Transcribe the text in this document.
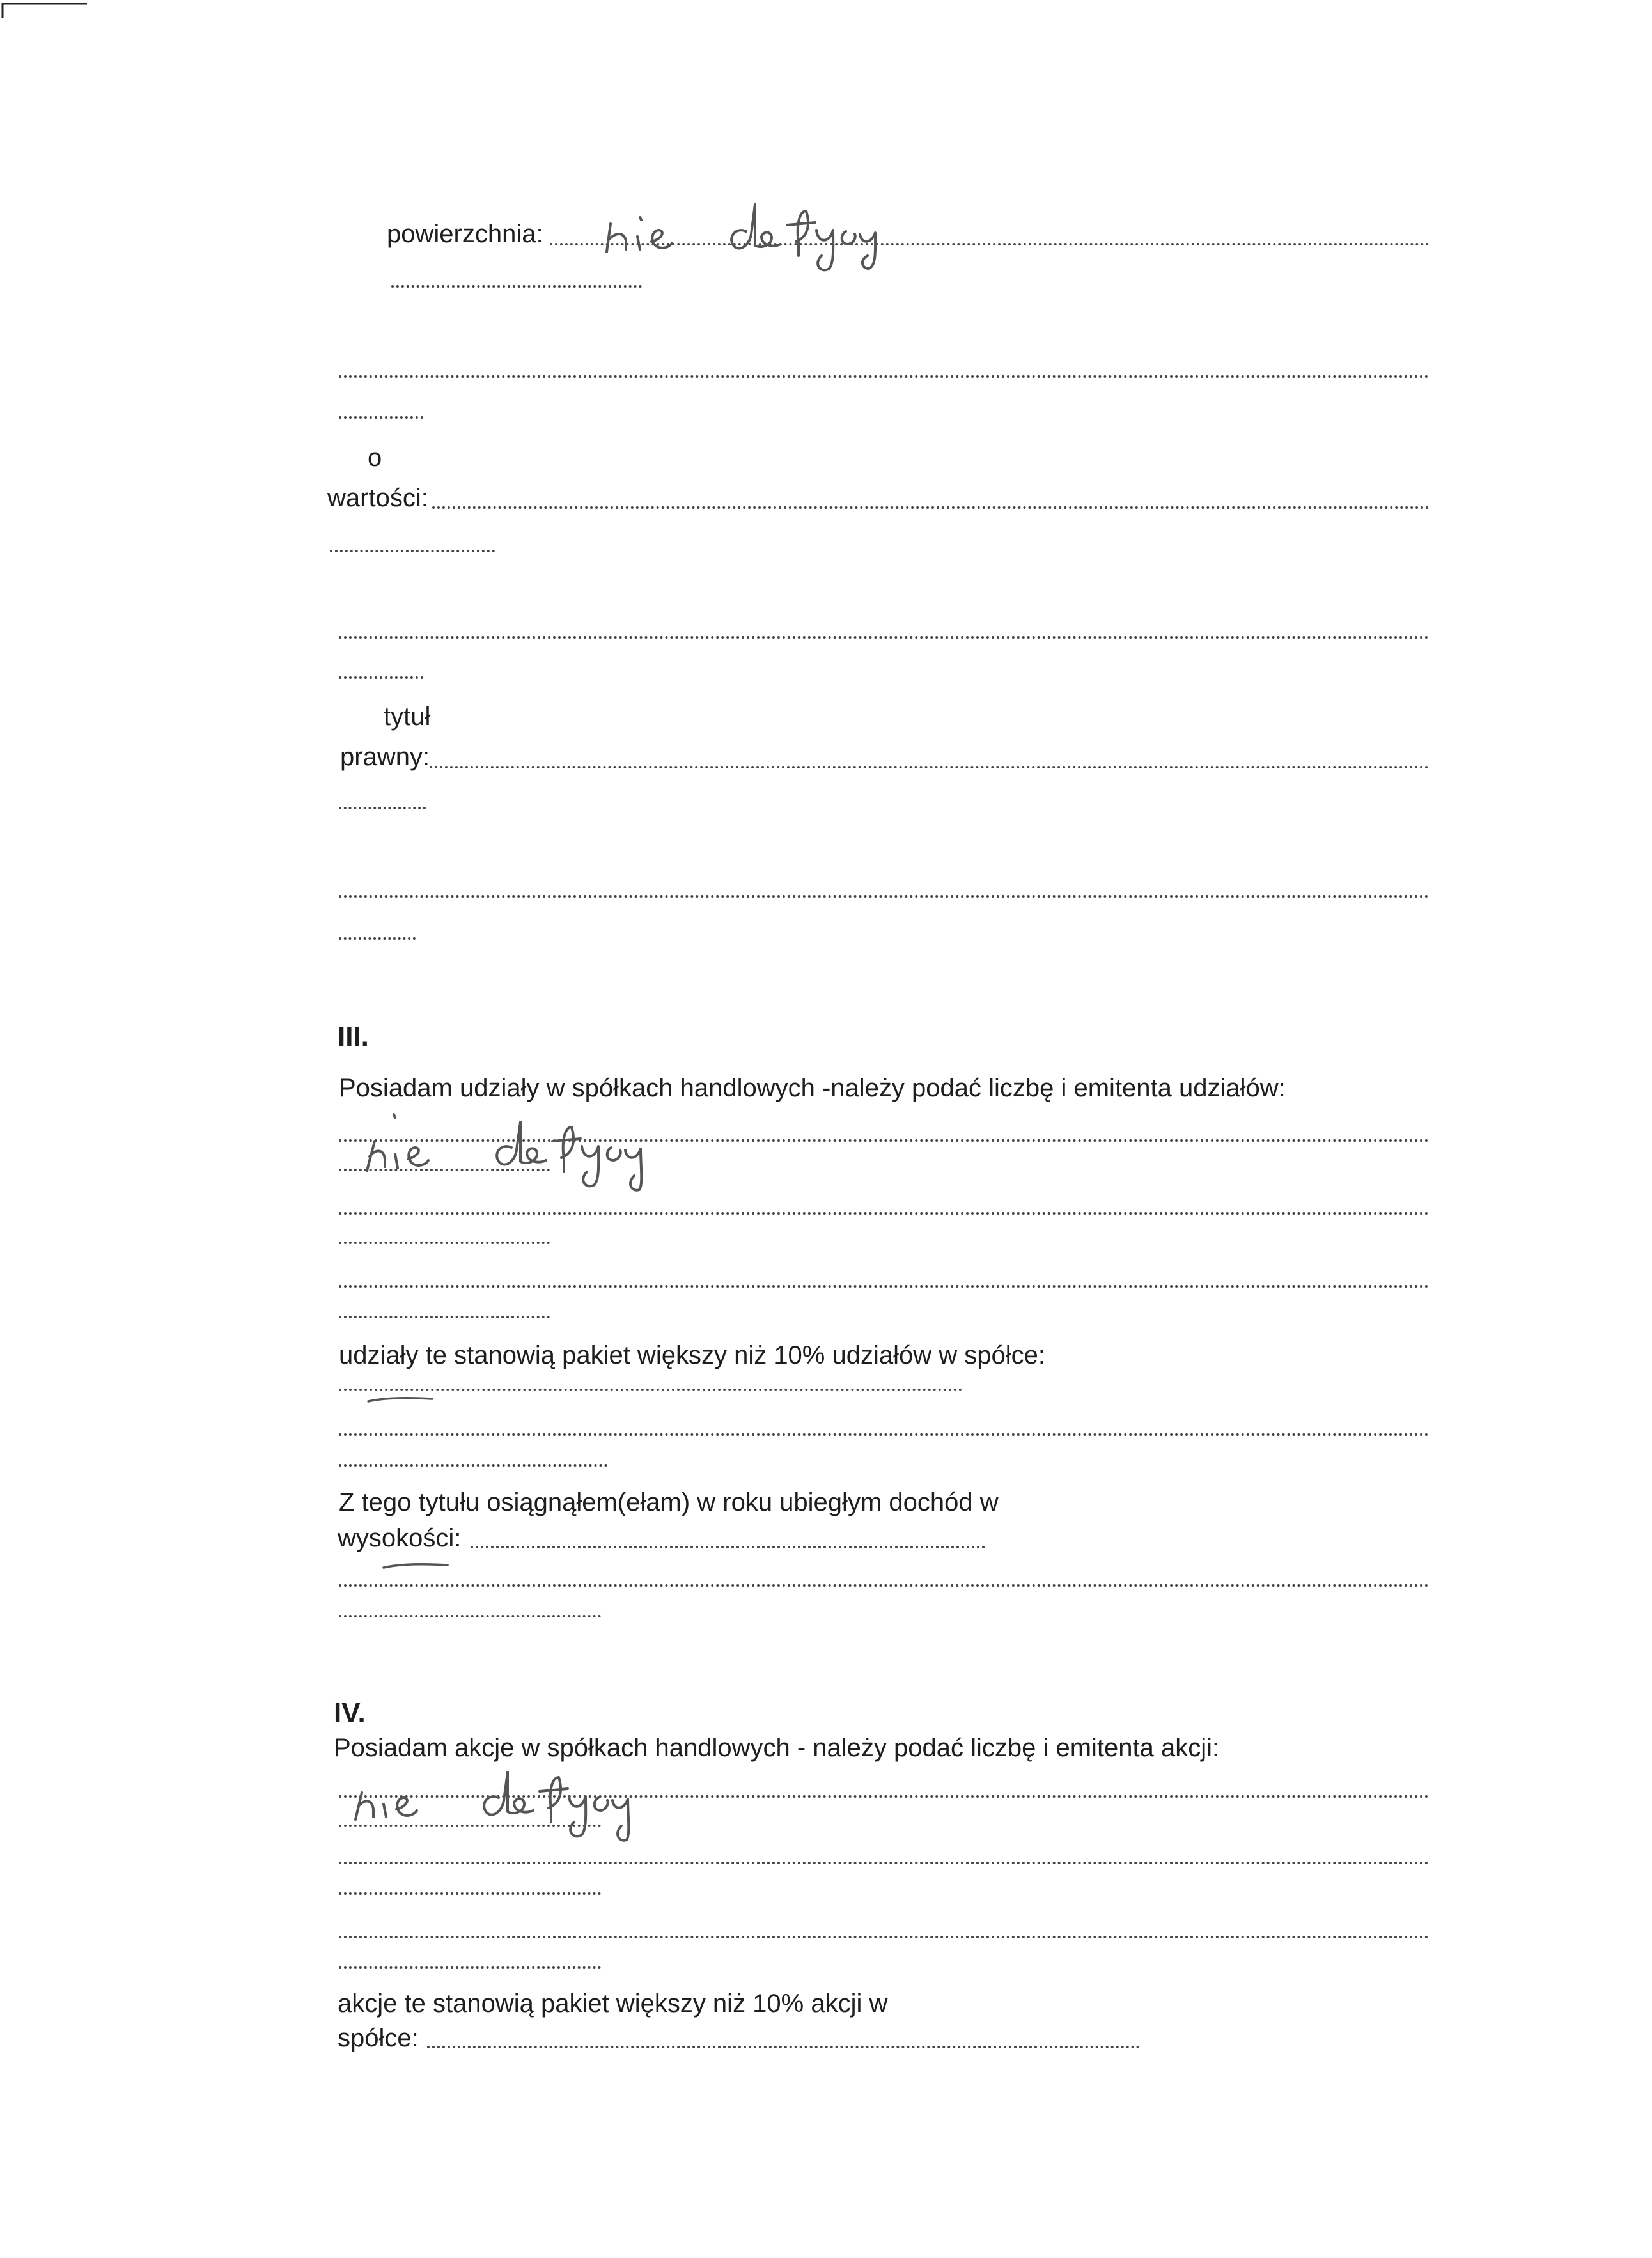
powierzchnia:
o
wartości:
tytuł
prawny:
III.
Posiadam udziały w spółkach handlowych -należy podać liczbę i emitenta udziałów:
udziały te stanowią pakiet większy niż 10% udziałów w spółce:
Z tego tytułu osiągnąłem(ełam) w roku ubiegłym dochód w
wysokości:
IV.
Posiadam akcje w spółkach handlowych - należy podać liczbę i emitenta akcji:
akcje te stanowią pakiet większy niż 10% akcji w
spółce:
